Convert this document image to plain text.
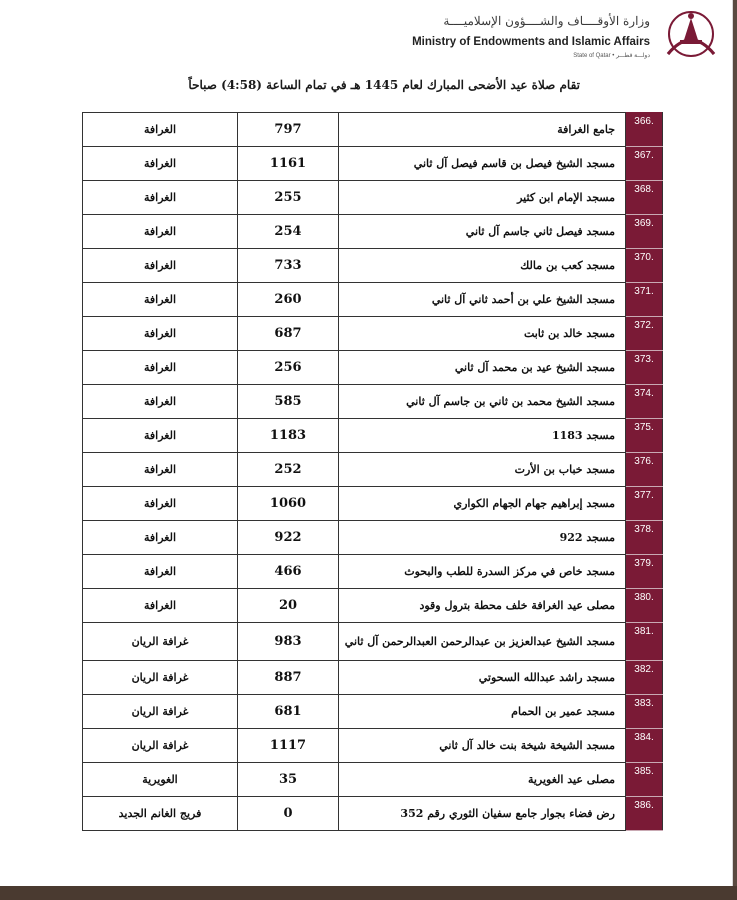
وزارة الأوقــــاف والشــــؤون الإسلاميــــة
Ministry of Endowments and Islamic Affairs
State of Qatar • دولـــة قطـــر
تقام صلاة عيد الأضحى المبارك لعام 1445 هـ في تمام الساعة (4:58) صباحاً
الغرافة	797	جامع الغرافة	366.
الغرافة	1161	مسجد الشيخ فيصل بن قاسم فيصل آل ثاني	367.
الغرافة	255	مسجد الإمام ابن كثير	368.
الغرافة	254	مسجد فيصل ثاني جاسم آل ثاني	369.
الغرافة	733	مسجد كعب بن مالك	370.
الغرافة	260	مسجد الشيخ علي بن أحمد ثاني آل ثاني	371.
الغرافة	687	مسجد خالد بن ثابت	372.
الغرافة	256	مسجد الشيخ عيد بن محمد آل ثاني	373.
الغرافة	585	مسجد الشيخ محمد بن ثاني بن جاسم آل ثاني	374.
الغرافة	1183	مسجد 1183	375.
الغرافة	252	مسجد خباب بن الأرت	376.
الغرافة	1060	مسجد إبراهيم جهام الجهام الكواري	377.
الغرافة	922	مسجد 922	378.
الغرافة	466	مسجد خاص في مركز السدرة للطب والبحوث	379.
الغرافة	20	مصلى عيد الغرافة خلف محطة بترول وقود	380.
غرافة الريان	983	مسجد الشيخ عبدالعزيز بن عبدالرحمن العبدالرحمن آل ثاني	381.
غرافة الريان	887	مسجد راشد عبدالله السحوتي	382.
غرافة الريان	681	مسجد عمير بن الحمام	383.
غرافة الريان	1117	مسجد الشيخة شيخة بنت خالد آل ثاني	384.
الغويرية	35	مصلى عيد الغويرية	385.
فريج الغانم الجديد	0	رض فضاء بجوار جامع سفيان الثوري رقم 352	386.
